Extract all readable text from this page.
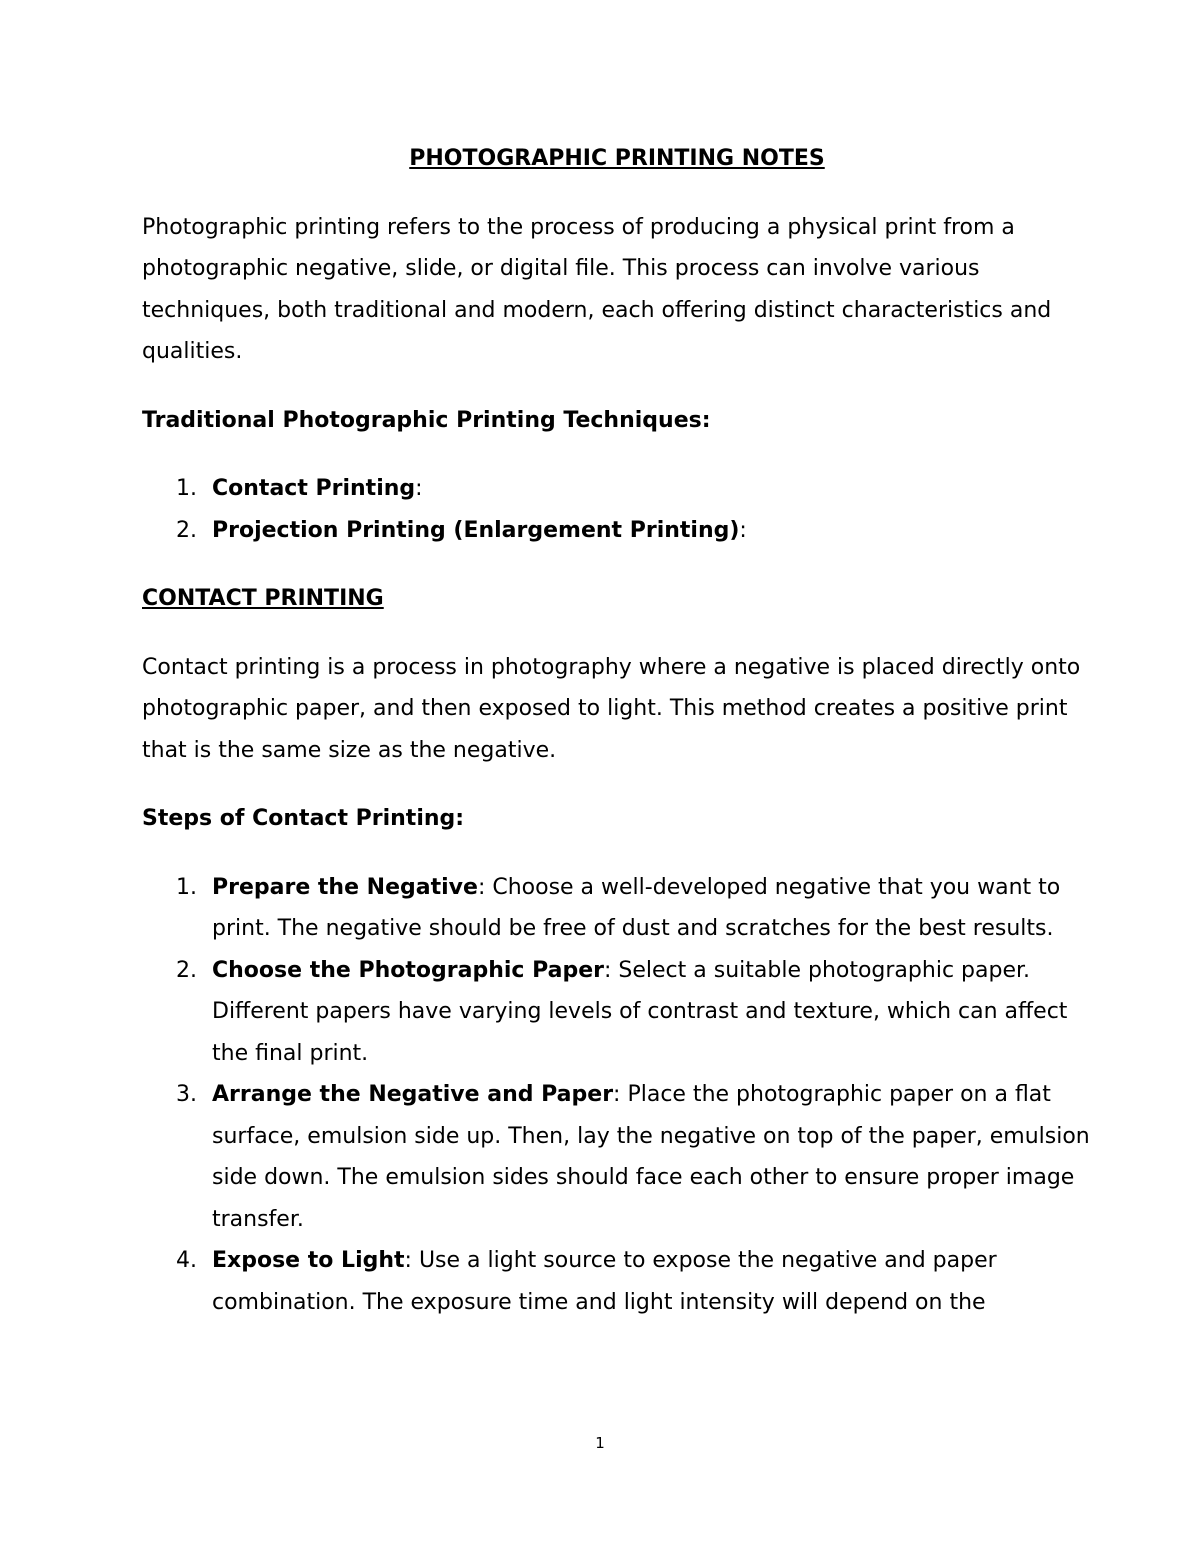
PHOTOGRAPHIC PRINTING NOTES
Photographic printing refers to the process of producing a physical print from a photographic negative, slide, or digital file. This process can involve various techniques, both traditional and modern, each offering distinct characteristics and qualities.
Traditional Photographic Printing Techniques:
1. Contact Printing:
2. Projection Printing (Enlargement Printing):
CONTACT PRINTING
Contact printing is a process in photography where a negative is placed directly onto photographic paper, and then exposed to light. This method creates a positive print that is the same size as the negative.
Steps of Contact Printing:
1. Prepare the Negative: Choose a well-developed negative that you want to print. The negative should be free of dust and scratches for the best results.
2. Choose the Photographic Paper: Select a suitable photographic paper. Different papers have varying levels of contrast and texture, which can affect the final print.
3. Arrange the Negative and Paper: Place the photographic paper on a flat surface, emulsion side up. Then, lay the negative on top of the paper, emulsion side down. The emulsion sides should face each other to ensure proper image transfer.
4. Expose to Light: Use a light source to expose the negative and paper combination. The exposure time and light intensity will depend on the
1
